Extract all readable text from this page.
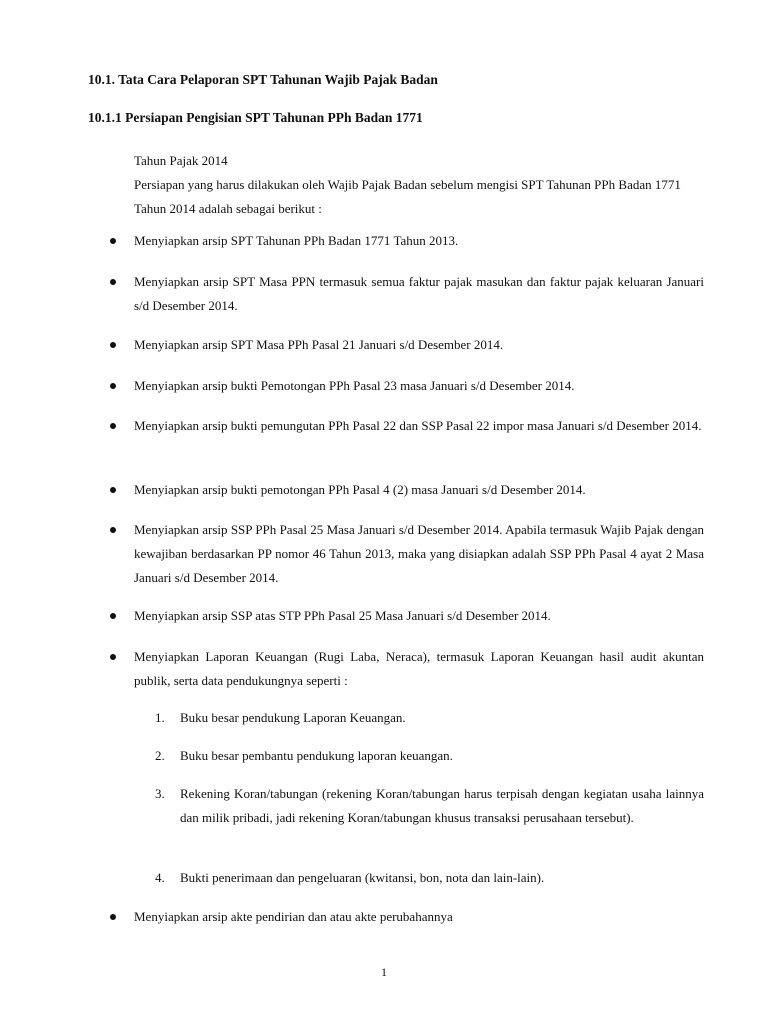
10.1. Tata Cara Pelaporan SPT Tahunan Wajib Pajak Badan
10.1.1 Persiapan Pengisian SPT Tahunan PPh Badan 1771

Tahun Pajak 2014

Persiapan yang harus dilakukan oleh Wajib Pajak Badan sebelum mengisi SPT Tahunan PPh Badan 1771 Tahun 2014 adalah sebagai berikut :

Menyiapkan arsip SPT Tahunan PPh Badan 1771 Tahun 2013.

Menyiapkan arsip SPT Masa PPN termasuk semua faktur pajak masukan dan faktur pajak keluaran Januari s/d Desember 2014.

Menyiapkan arsip SPT Masa PPh Pasal 21 Januari s/d Desember 2014.

Menyiapkan arsip bukti Pemotongan PPh Pasal 23 masa Januari s/d Desember 2014.

Menyiapkan arsip bukti pemungutan PPh Pasal 22 dan SSP Pasal 22 impor masa Januari s/d Desember 2014.

Menyiapkan arsip bukti pemotongan PPh Pasal 4 (2) masa Januari s/d Desember 2014.

Menyiapkan arsip SSP PPh Pasal 25 Masa Januari s/d Desember 2014. Apabila termasuk Wajib Pajak dengan kewajiban berdasarkan PP nomor 46 Tahun 2013, maka yang disiapkan adalah SSP PPh Pasal 4 ayat 2 Masa Januari s/d Desember 2014.

Menyiapkan arsip SSP atas STP PPh Pasal 25 Masa Januari s/d Desember 2014.

Menyiapkan Laporan Keuangan (Rugi Laba, Neraca), termasuk Laporan Keuangan hasil audit akuntan publik, serta data pendukungnya seperti :

1. Buku besar pendukung Laporan Keuangan.

2. Buku besar pembantu pendukung laporan keuangan.

3. Rekening Koran/tabungan (rekening Koran/tabungan harus terpisah dengan kegiatan usaha lainnya dan milik pribadi, jadi rekening Koran/tabungan khusus transaksi perusahaan tersebut).

4. Bukti penerimaan dan pengeluaran (kwitansi, bon, nota dan lain-lain).

Menyiapkan arsip akte pendirian dan atau akte perubahannya

1
